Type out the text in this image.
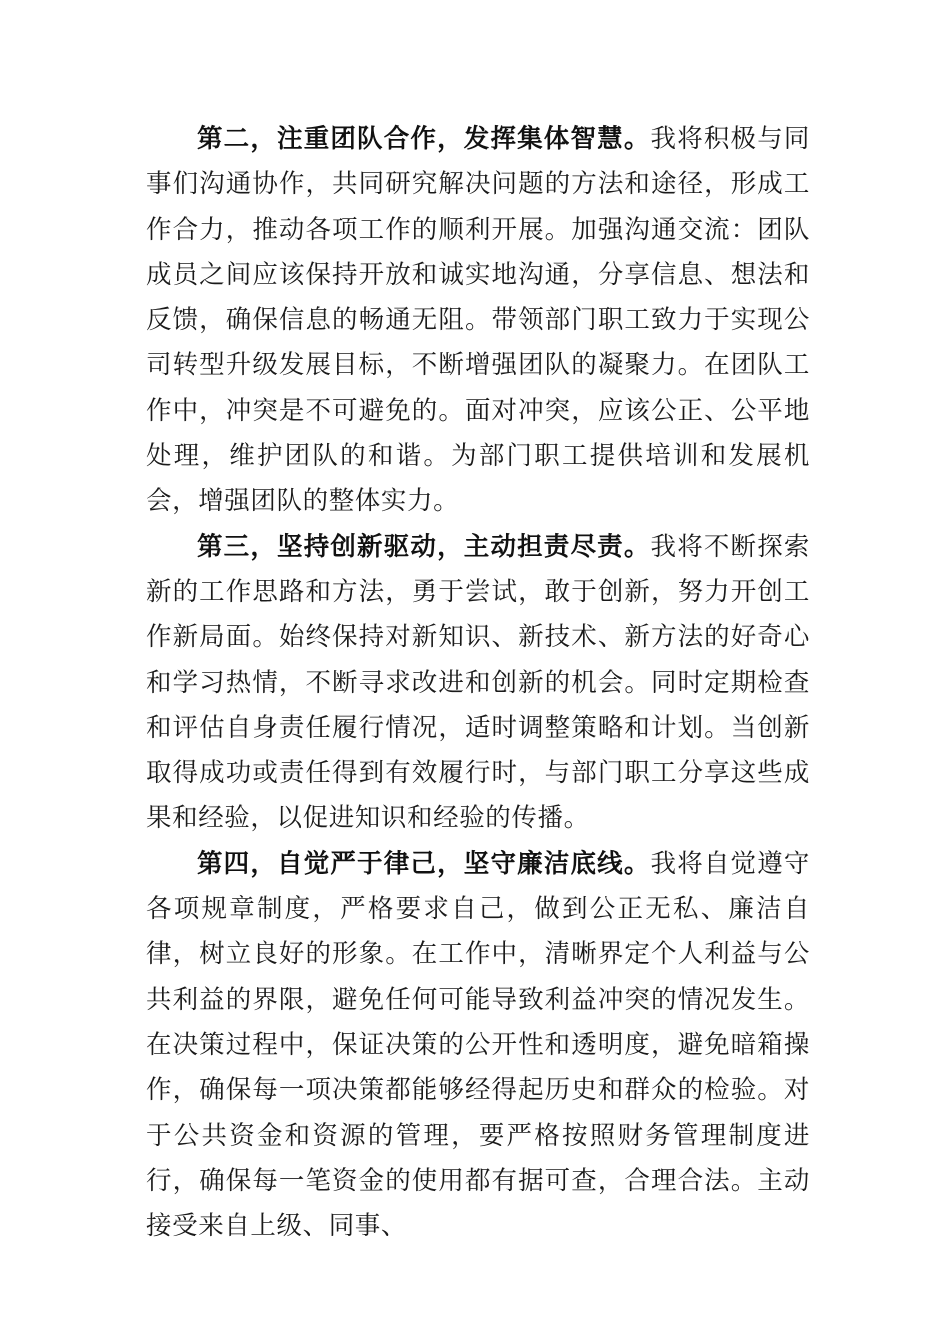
第二，注重团队合作，发挥集体智慧。我将积极与同事们沟通协作，共同研究解决问题的方法和途径，形成工作合力，推动各项工作的顺利开展。加强沟通交流：团队成员之间应该保持开放和诚实地沟通，分享信息、想法和反馈，确保信息的畅通无阻。带领部门职工致力于实现公司转型升级发展目标，不断增强团队的凝聚力。在团队工作中，冲突是不可避免的。面对冲突，应该公正、公平地处理，维护团队的和谐。为部门职工提供培训和发展机会，增强团队的整体实力。

第三，坚持创新驱动，主动担责尽责。我将不断探索新的工作思路和方法，勇于尝试，敢于创新，努力开创工作新局面。始终保持对新知识、新技术、新方法的好奇心和学习热情，不断寻求改进和创新的机会。同时定期检查和评估自身责任履行情况，适时调整策略和计划。当创新取得成功或责任得到有效履行时，与部门职工分享这些成果和经验，以促进知识和经验的传播。

第四，自觉严于律己，坚守廉洁底线。我将自觉遵守各项规章制度，严格要求自己，做到公正无私、廉洁自律，树立良好的形象。在工作中，清晰界定个人利益与公共利益的界限，避免任何可能导致利益冲突的情况发生。在决策过程中，保证决策的公开性和透明度，避免暗箱操作，确保每一项决策都能够经得起历史和群众的检验。对于公共资金和资源的管理，要严格按照财务管理制度进行，确保每一笔资金的使用都有据可查，合理合法。主动接受来自上级、同事、
